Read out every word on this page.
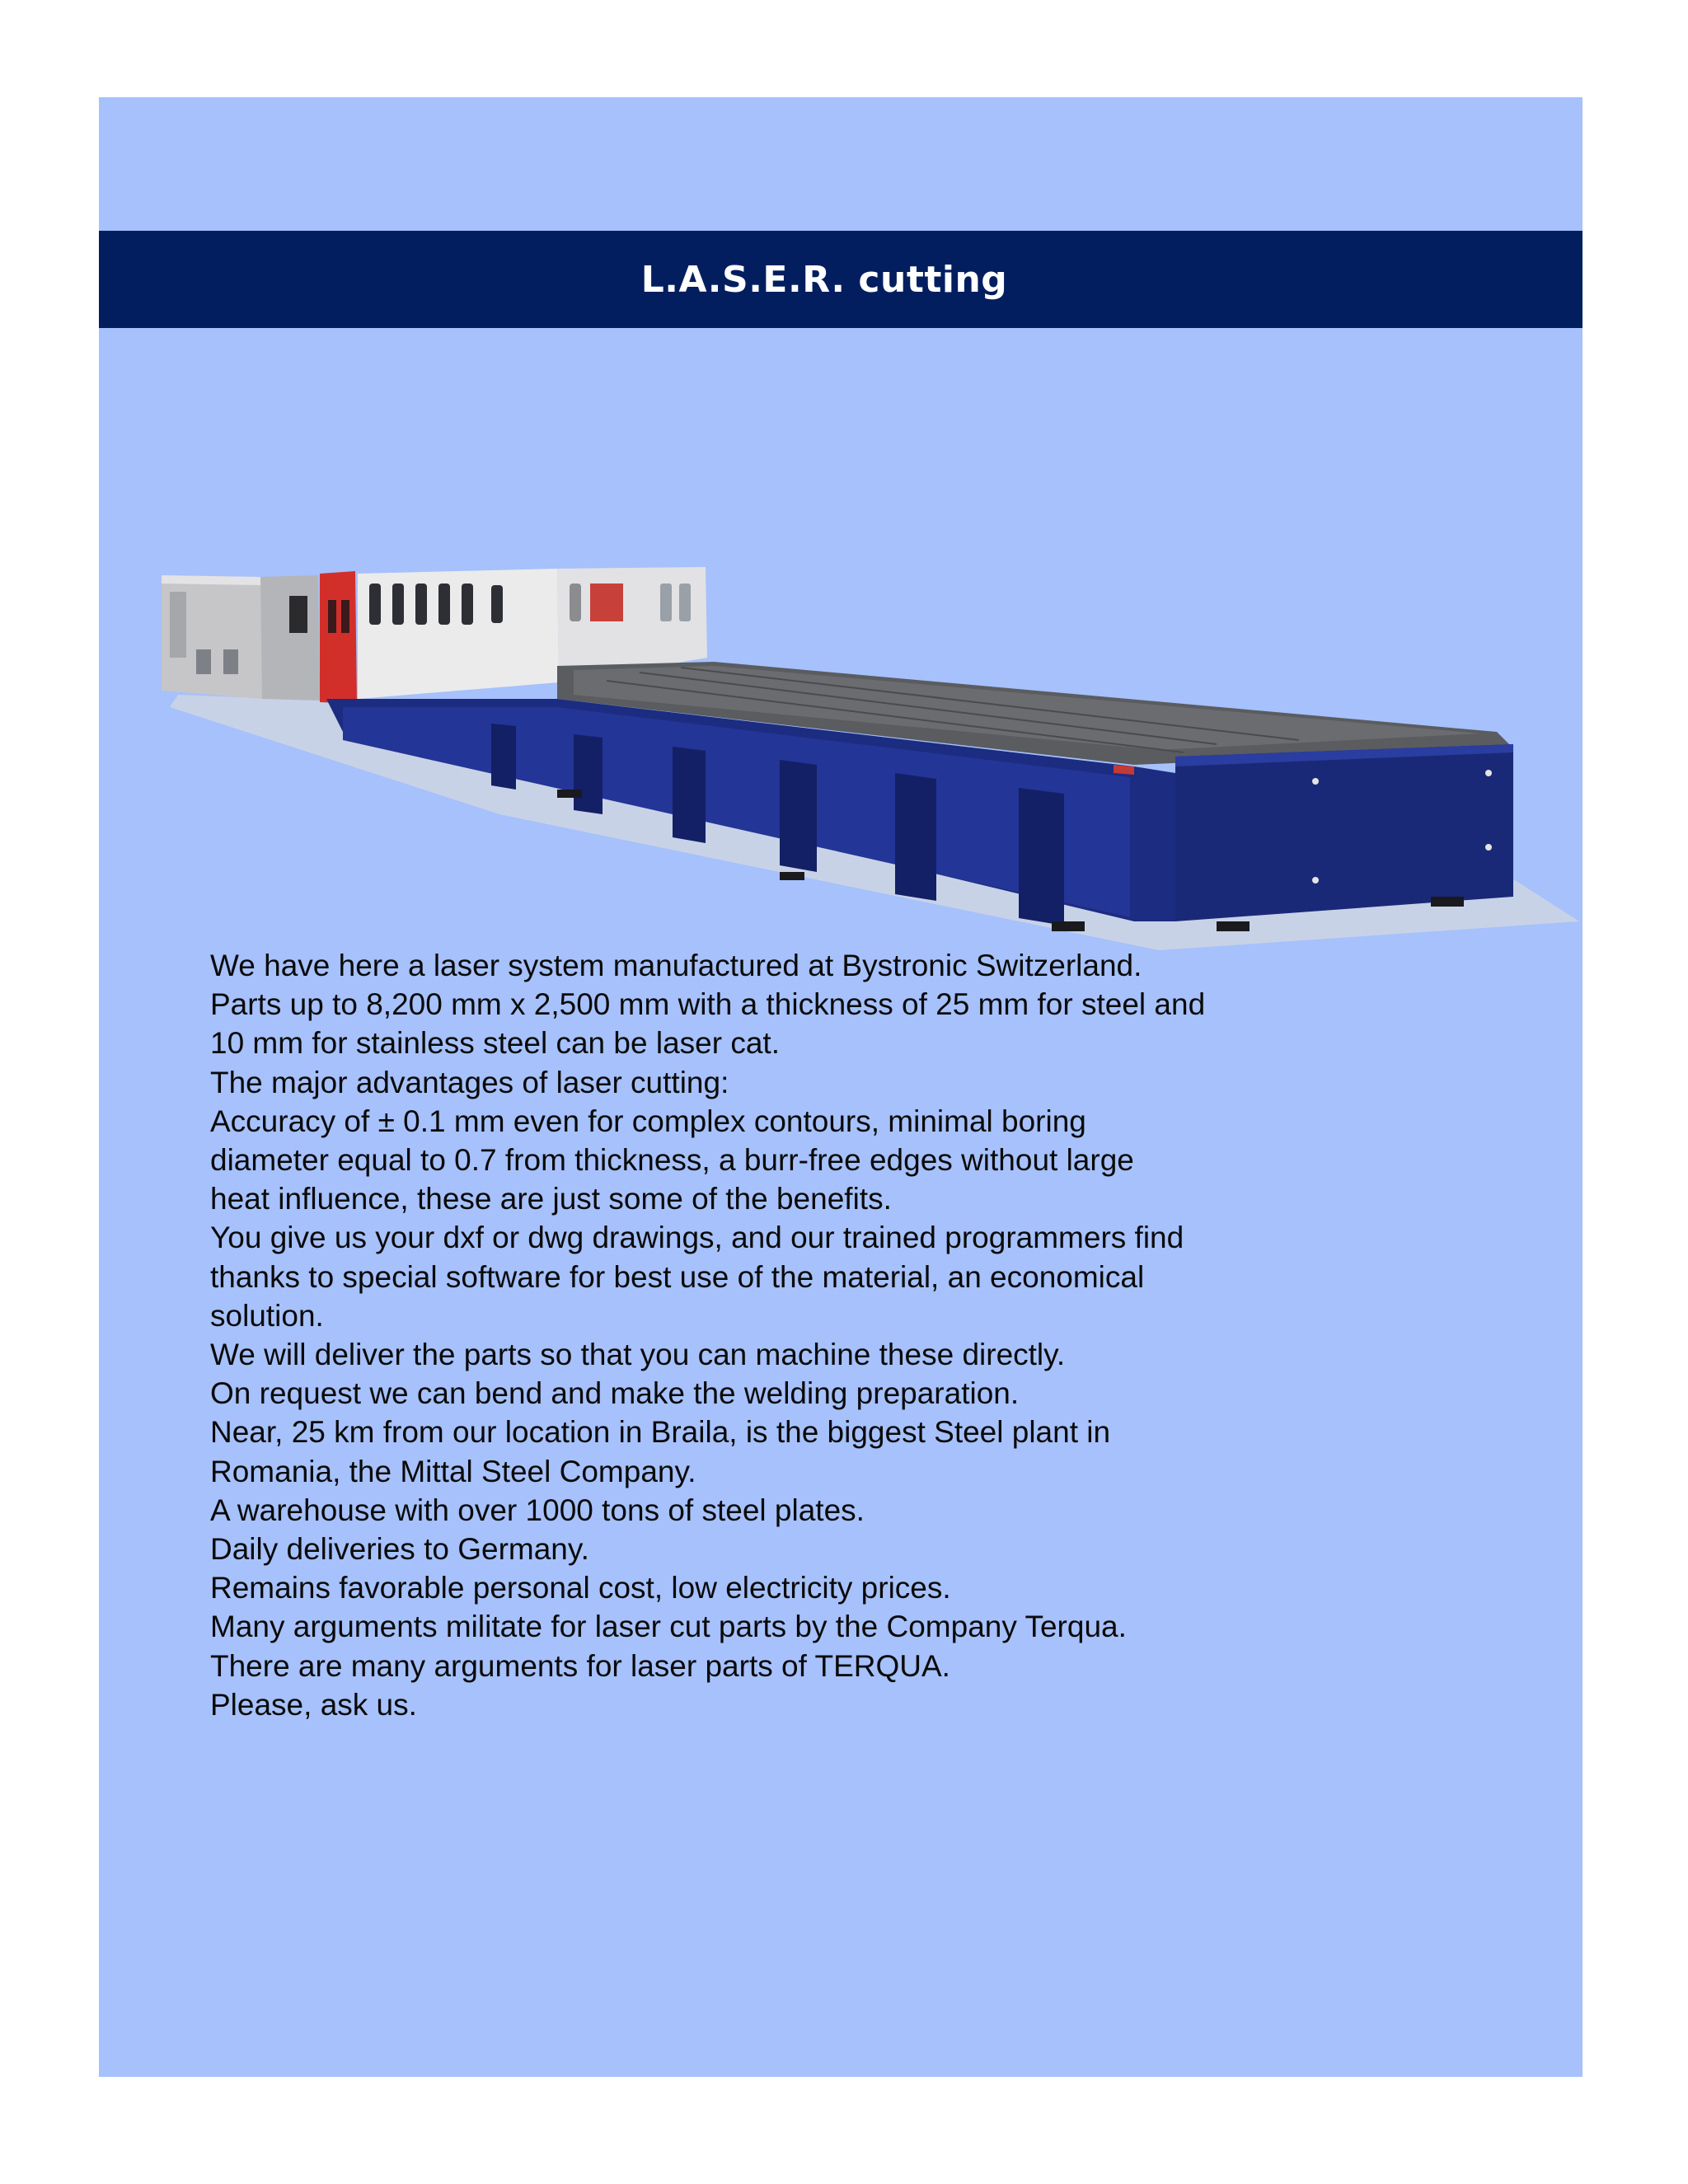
L.A.S.E.R. cutting
We have here a laser system manufactured at Bystronic Switzerland.
Parts up to 8,200 mm x 2,500 mm with a thickness of 25 mm for steel and
10 mm for stainless steel can be laser cat.
The major advantages of laser cutting:
Accuracy of ± 0.1 mm even for complex contours, minimal boring
diameter equal to 0.7 from thickness, a burr-free edges without large
heat influence, these are just some of the benefits.
You give us your dxf or dwg drawings, and our trained programmers find
thanks to special software for best use of the material, an economical
solution.
We will deliver the parts so that you can machine these directly.
On request we can bend and make the welding preparation.
Near, 25 km from our location in Braila, is the biggest Steel plant in
Romania, the Mittal Steel Company.
A warehouse with over 1000 tons of steel plates.
Daily deliveries to Germany.
Remains favorable personal cost, low electricity prices.
Many arguments militate for laser cut parts by the Company Terqua.
There are many arguments for laser parts of TERQUA.
Please, ask us.
